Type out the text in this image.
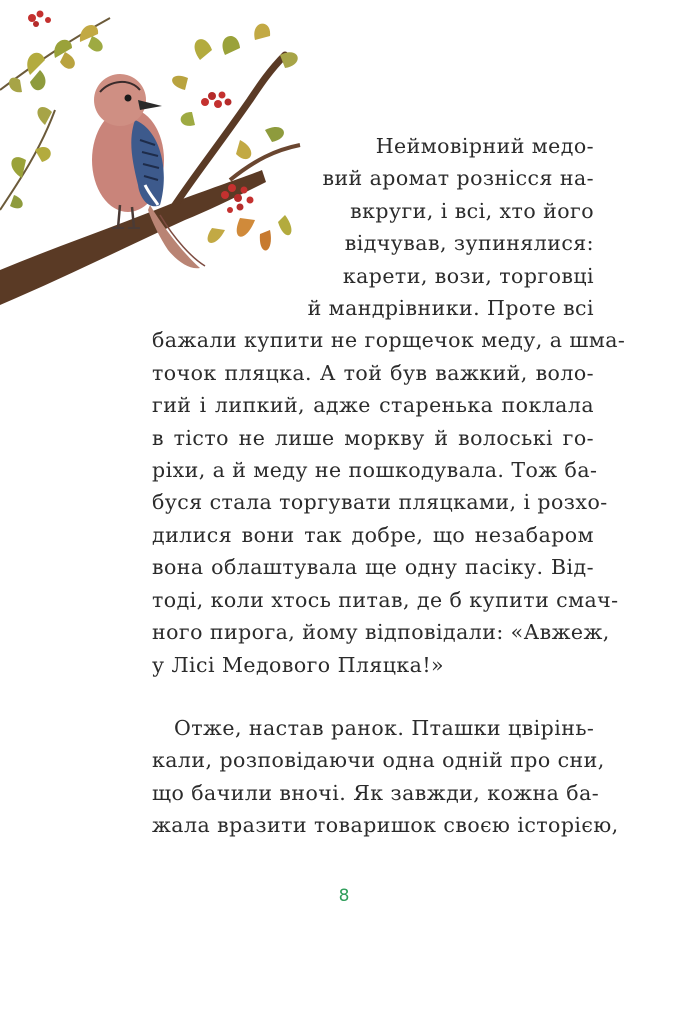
Неймовірний медо-
вий аромат рознісся на-
вкруги, і всі, хто його
відчував, зупинялися:
карети, вози, торговці
й мандрівники. Проте всі
бажали купити не горщечок меду, а шма-
точок пляцка. А той був важкий, воло-
гий і липкий, адже старенька поклала
в тісто не лише моркву й волоські го-
ріхи, а й меду не пошкодувала. Тож ба-
буся стала торгувати пляцками, і розхо-
дилися вони так добре, що незабаром
вона облаштувала ще одну пасіку. Від-
тоді, коли хтось питав, де б купити смач-
ного пирога, йому відповідали: «Авжеж,
у Лісі Медового Пляцка!»
Отже, настав ранок. Пташки цвірінь-
кали, розповідаючи одна одній про сни,
що бачили вночі. Як завжди, кожна ба-
жала вразити товаришок своєю історією,
8
